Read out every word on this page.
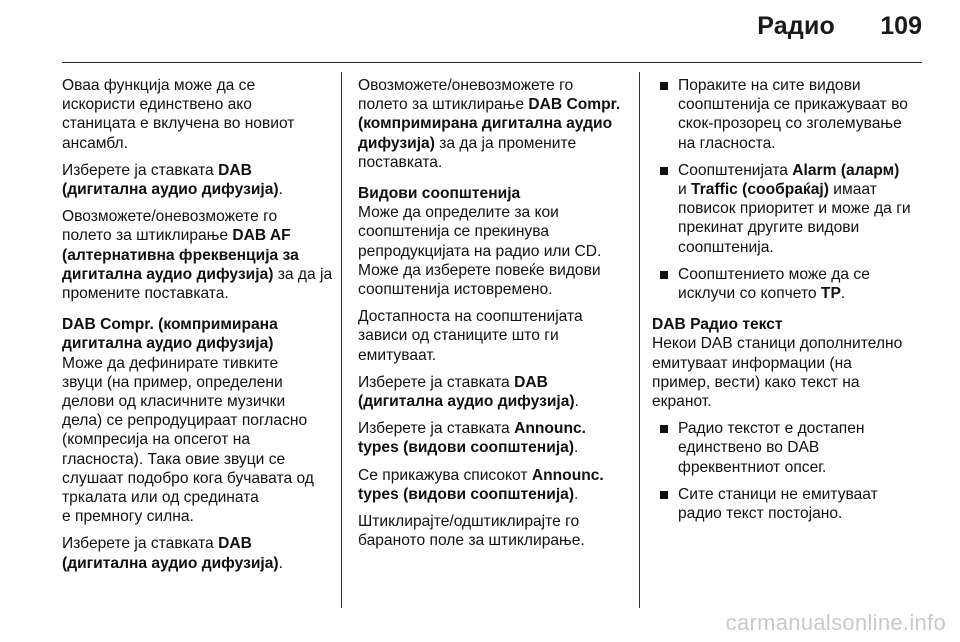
Радио 109

Оваа функција може да се
искористи единствено ако
станицата е вклучена во новиот
ансамбл.

Изберете ја ставката DAB
(дигитална аудио дифузија).

Овозможете/оневозможете го
полето за штиклирање DAB AF
(алтернативна фреквенција за
дигитална аудио дифузија) за да ја
промените поставката.

DAB Compr. (компримирана
дигитална аудио дифузија)

Може да дефинирате тивките
звуци (на пример, определени
делови од класичните музички
дела) се репродуцираат погласно
(компресија на опсегот на
гласноста). Така овие звуци се
слушаат подобро кога бучавата од
тркалата или од средината
е премногу силна.

Изберете ја ставката DAB
(дигитална аудио дифузија).

Овозможете/оневозможете го
полето за штиклирање DAB Compr.
(компримирана дигитална аудио
дифузија) за да ја промените
поставката.

Видови соопштенија

Може да определите за кои
соопштенија се прекинува
репродукцијата на радио или CD.
Може да изберете повеќе видови
соопштенија истовремено.

Достапноста на соопштенијата
зависи од станиците што ги
емитуваат.

Изберете ја ставката DAB
(дигитална аудио дифузија).

Изберете ја ставката Announc.
types (видови соопштенија).

Се прикажува списокот Announc.
types (видови соопштенија).

Штиклирајте/одштиклирајте го
бараното поле за штиклирање.

Пораките на сите видови
соопштенија се прикажуваат во
скок-прозорец со зголемување
на гласноста.
Соопштенијата Alarm (аларм)
и Traffic (сообраќај) имаат
повисок приоритет и може да ги
прекинат другите видови
соопштенија.
Соопштението може да се
исклучи со копчето TP.
DAB Радио текст

Некои DAB станици дополнително
емитуваат информации (на
пример, вести) како текст на
екранот.

Радио текстот е достапен
единствено во DAB
фреквентниот опсег.
Сите станици не емитуваат
радио текст постојано.
carmanualsonline.info
